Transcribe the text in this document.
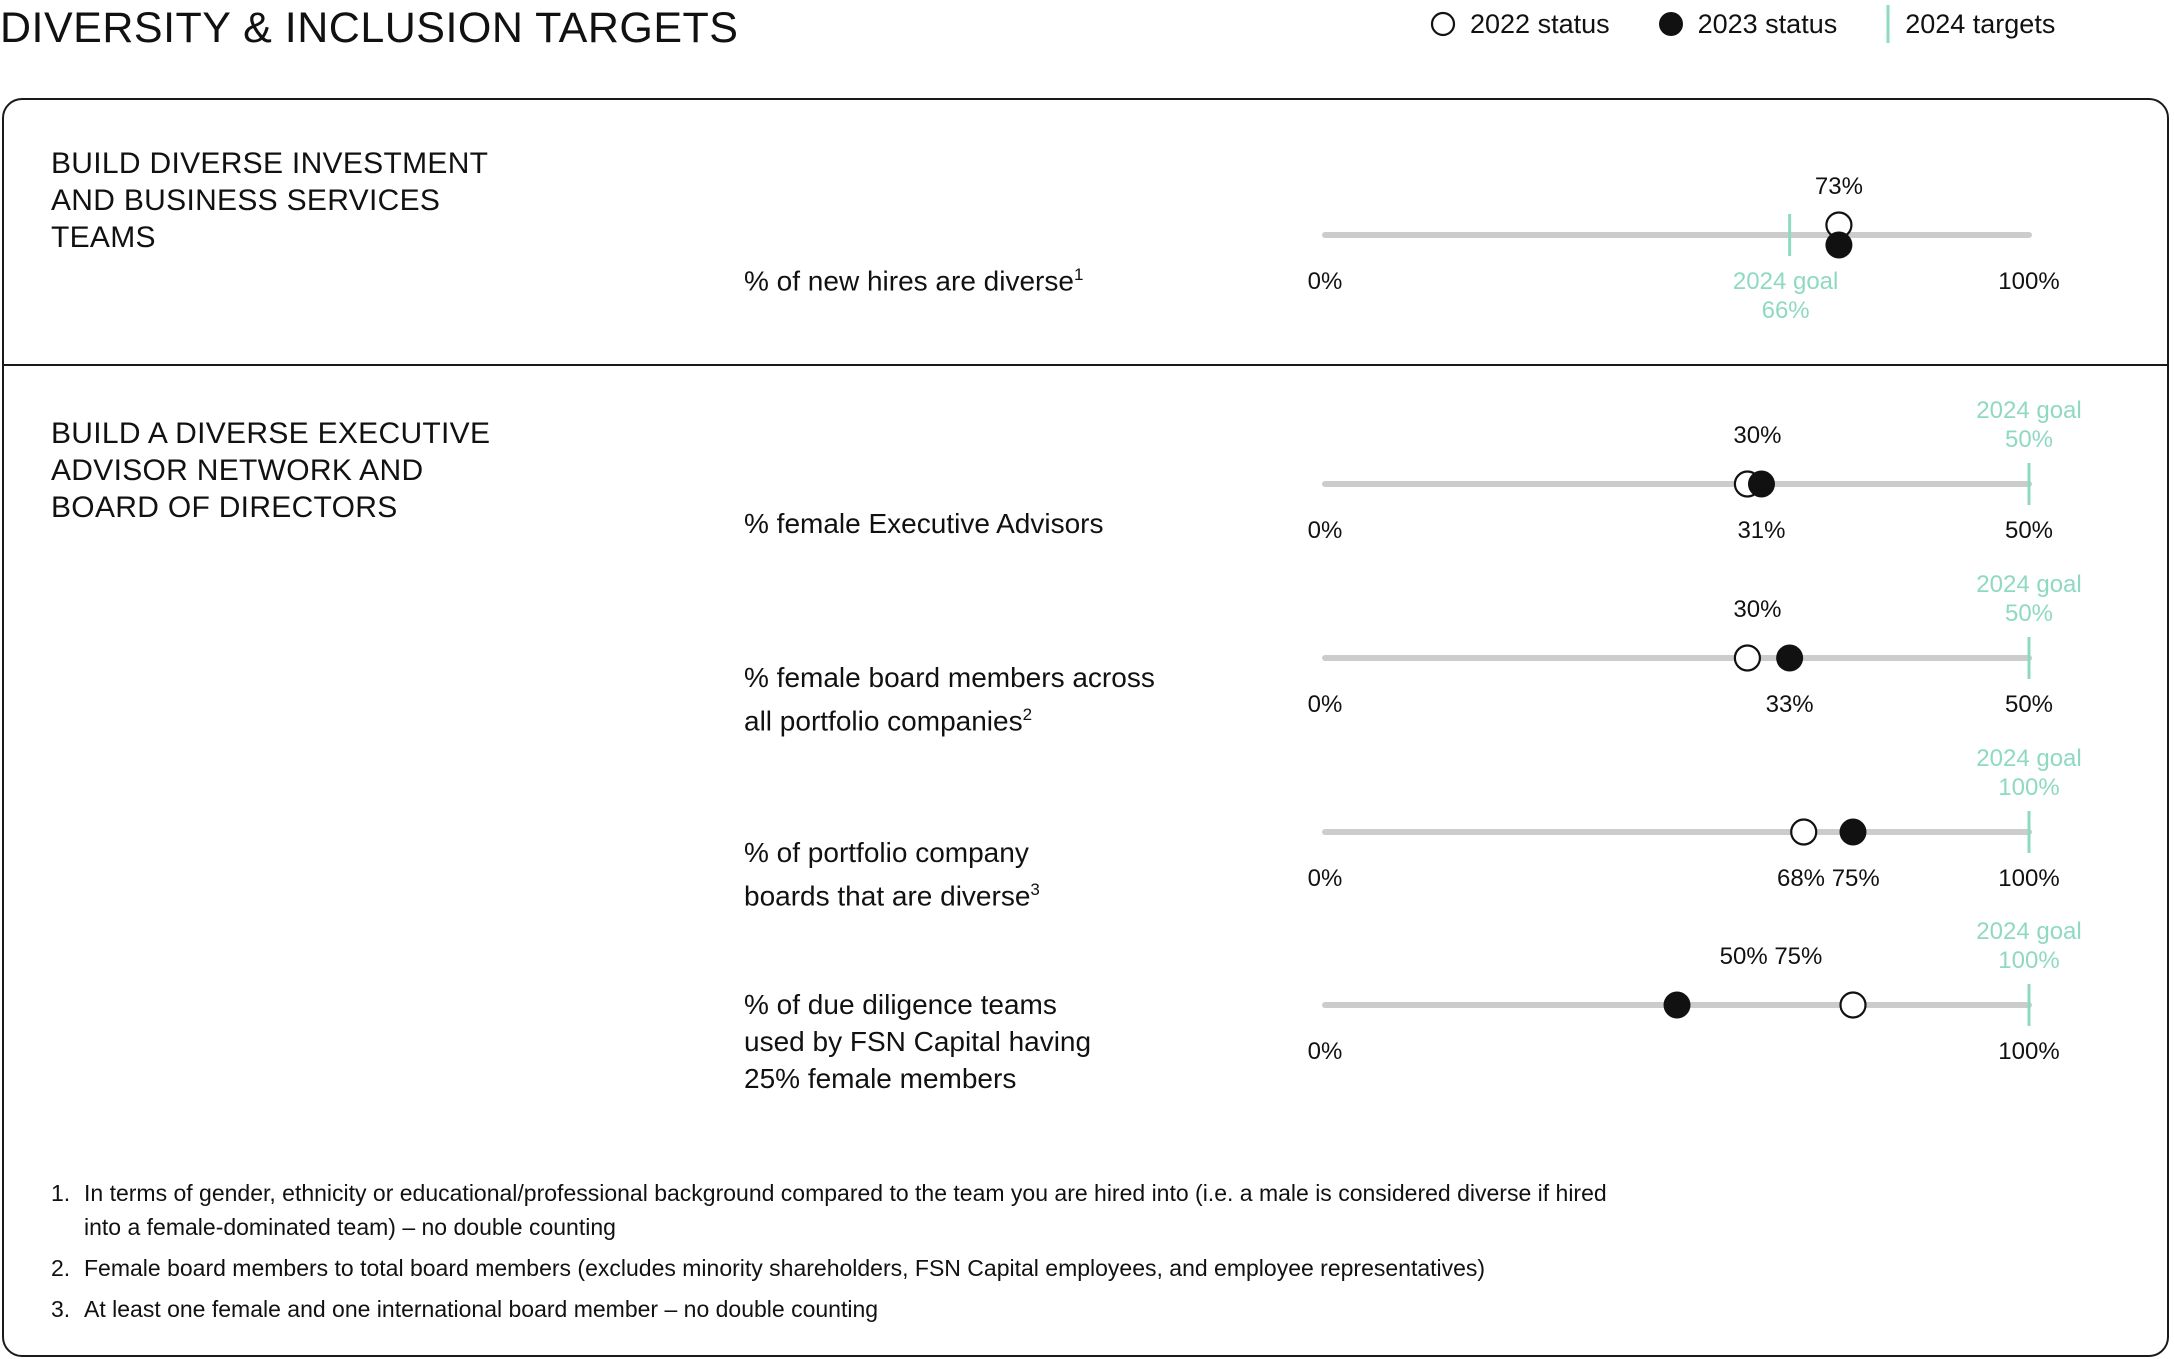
DIVERSITY & INCLUSION TARGETS	2022 status	2023 status	2024 targets
BUILD DIVERSE INVESTMENT
AND BUSINESS SERVICES
TEAMS
BUILD A DIVERSE EXECUTIVE
ADVISOR NETWORK AND
BOARD OF DIRECTORS

% of new hires are diverse$^1$

% female Executive Advisors

% female board members across
all portfolio companies$^2$

% of portfolio company
boards that are diverse$^3$

% of due diligence teams
used by FSN Capital having
25% female members

2024 goal
66%
0%	100%
73%
2024 goal
50%
0%	50%
30%
31%
2024 goal
50%
0%	50%
30%
33%
2024 goal
100%
0%	100%
68% 75%
2024 goal
100%
0%	100%
50% 75%
1. In terms of gender, ethnicity or educational/professional background compared to the team you are hired into (i.e. a male is considered diverse if hired into a female-dominated team) – no double counting
2. Female board members to total board members (excludes minority shareholders, FSN Capital employees, and employee representatives)
3. At least one female and one international board member – no double counting
